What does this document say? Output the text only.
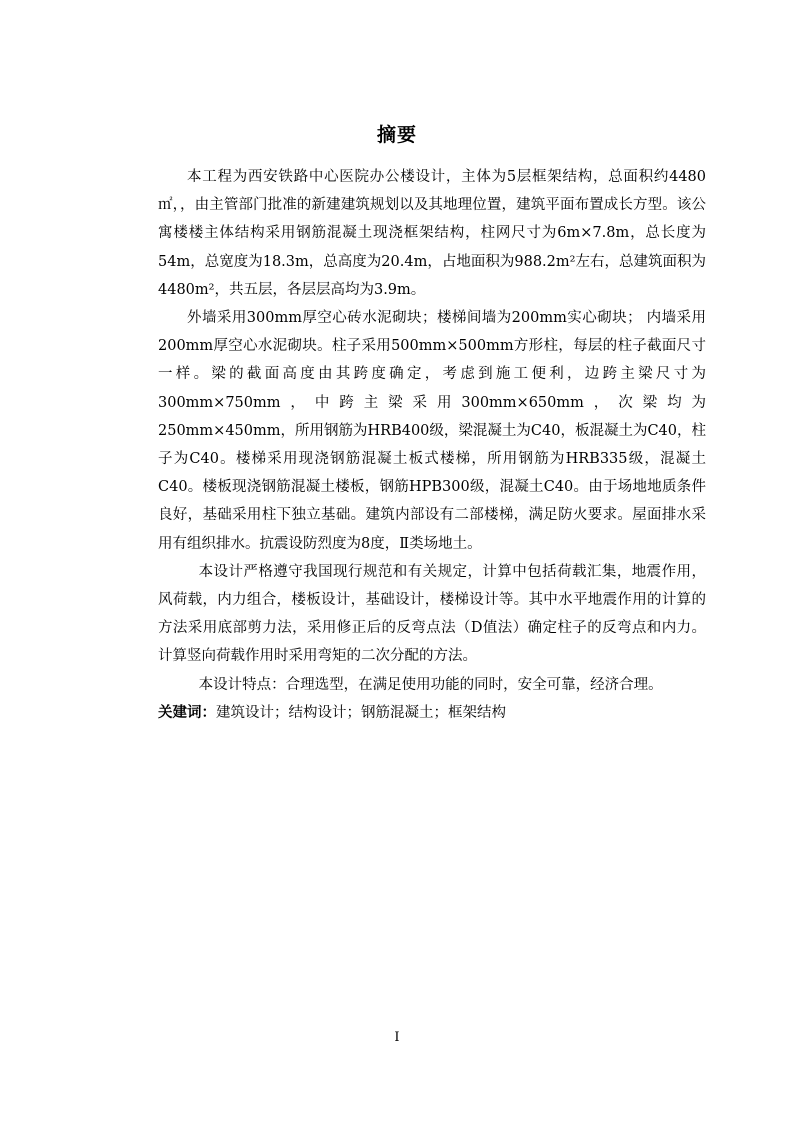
摘要

本工程为西安铁路中心医院办公楼设计，主体为5层框架结构，总面积约4480㎡，，由主管部门批准的新建建筑规划以及其地理位置，建筑平面布置成长方型。该公寓楼楼主体结构采用钢筋混凝土现浇框架结构，柱网尺寸为6m×7.8m，总长度为54m，总宽度为18.3m，总高度为20.4m，占地面积为988.2m²左右，总建筑面积为4480m²，共五层，各层层高均为3.9m。

外墙采用300mm厚空心砖水泥砌块；楼梯间墙为200mm实心砌块； 内墙采用200mm厚空心水泥砌块。柱子采用500mm×500mm方形柱，每层的柱子截面尺寸一样。梁的截面高度由其跨度确定，考虑到施工便利，边跨主梁尺寸为300mm×750mm，中跨主梁采用300mm×650mm，次梁均为250mm×450mm，所用钢筋为HRB400级，梁混凝土为C40，板混凝土为C40，柱子为C40。楼梯采用现浇钢筋混凝土板式楼梯，所用钢筋为HRB335级，混凝土C40。楼板现浇钢筋混凝土楼板，钢筋HPB300级，混凝土C40。由于场地地质条件良好，基础采用柱下独立基础。建筑内部设有二部楼梯，满足防火要求。屋面排水采用有组织排水。抗震设防烈度为8度，Ⅱ类场地土。

本设计严格遵守我国现行规范和有关规定，计算中包括荷载汇集，地震作用，风荷载，内力组合，楼板设计，基础设计，楼梯设计等。其中水平地震作用的计算的方法采用底部剪力法，采用修正后的反弯点法（D值法）确定柱子的反弯点和内力。计算竖向荷载作用时采用弯矩的二次分配的方法。

本设计特点：合理选型，在满足使用功能的同时，安全可靠，经济合理。

关建词：建筑设计；结构设计；钢筋混凝土；框架结构
I
